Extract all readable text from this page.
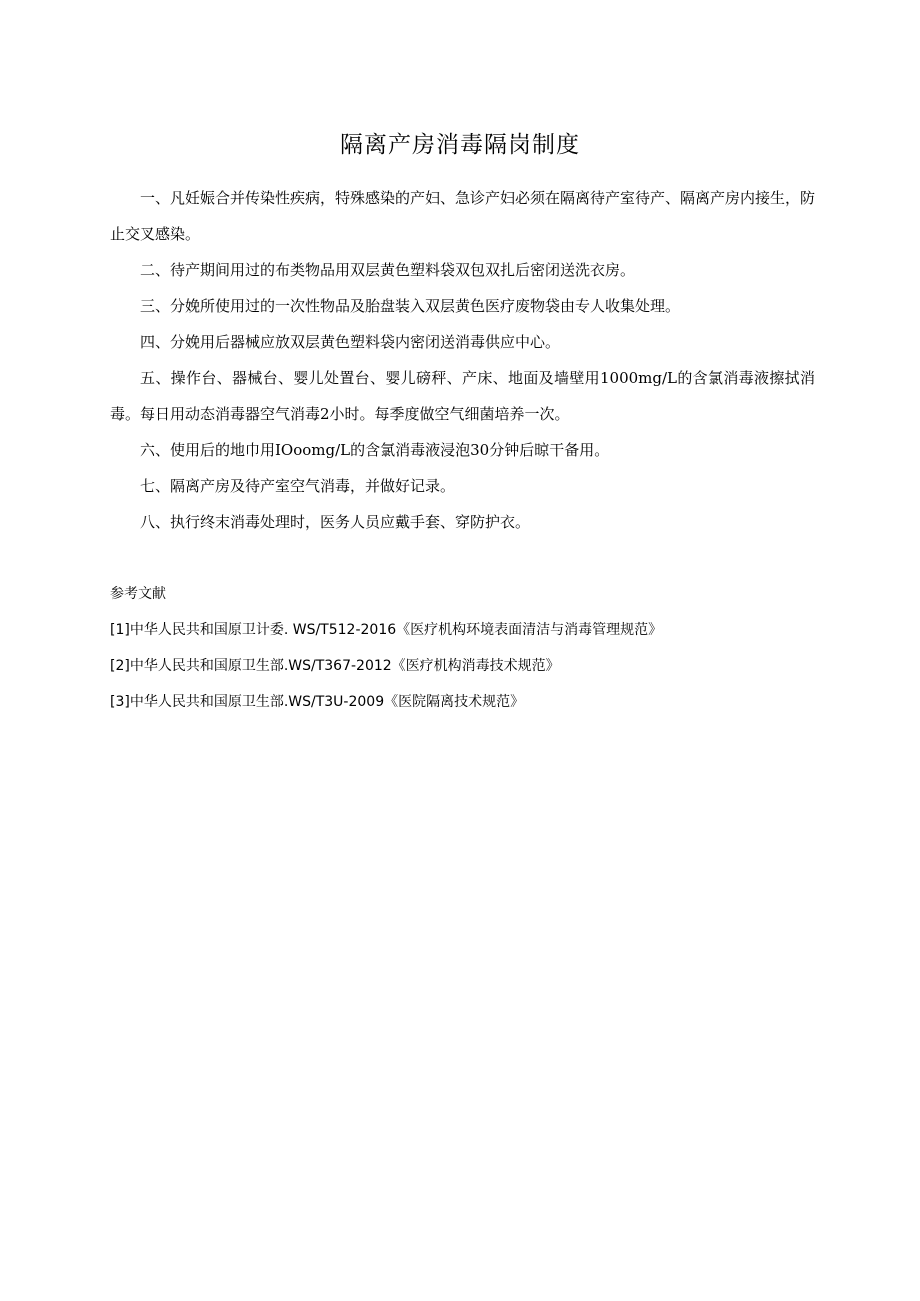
隔离产房消毒隔岗制度

一、凡妊娠合并传染性疾病，特殊感染的产妇、急诊产妇必须在隔离待产室待产、隔离产房内接生，防止交叉感染。

二、待产期间用过的布类物品用双层黄色塑料袋双包双扎后密闭送洗衣房。

三、分娩所使用过的一次性物品及胎盘装入双层黄色医疗废物袋由专人收集处理。

四、分娩用后器械应放双层黄色塑料袋内密闭送消毒供应中心。

五、操作台、器械台、婴儿处置台、婴儿磅秤、产床、地面及墙壁用1000mg∕L的含氯消毒液擦拭消毒。每日用动态消毒器空气消毒2小时。每季度做空气细菌培养一次。

六、使用后的地巾用IOoomg/L的含氯消毒液浸泡30分钟后晾干备用。

七、隔离产房及待产室空气消毒，并做好记录。

八、执行终末消毒处理时，医务人员应戴手套、穿防护衣。

参考文献
[1]中华人民共和国原卫计委. WS/T512-2016《医疗机构环境表面清洁与消毒管理规范》
[2]中华人民共和国原卫生部.WS/T367-2012《医疗机构消毒技术规范》
[3]中华人民共和国原卫生部.WS/T3U-2009《医院隔离技术规范》
